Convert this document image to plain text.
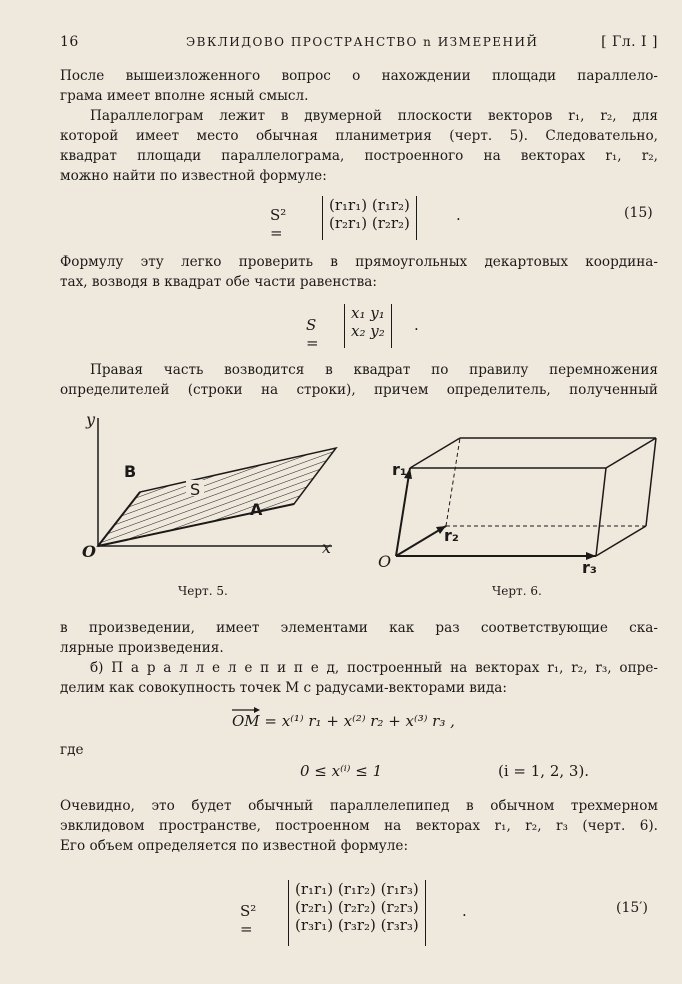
16	ЭВКЛИДОВО ПРОСТРАНСТВО n ИЗМЕРЕНИЙ	[ Гл. I ]
После вышеизложенного вопрос о нахождении площади параллело-
грама имеет вполне ясный смысл.
Параллелограм лежит в двумерной плоскости векторов r₁, r₂, для
которой имеет место обычная планиметрия (черт. 5). Следовательно,
квадрат площади параллелограма, построенного на векторах r₁, r₂,
можно найти по известной формуле:
S² =
(r₁r₁) (r₁r₂)
(r₂r₁) (r₂r₂)	.	(15)
Формулу эту легко проверить в прямоугольных декартовых координа-
тах, возводя в квадрат обе части равенства:
S =
x₁ y₁
x₂ y₂ .
Правая часть возводится в квадрат по правилу перемножения
определителей (строки на строки), причем определитель, полученный
y
x
O
B
A
S
Черт. 5.
O
r₁
r₂
r₃
Черт. 6.
в произведении, имеет элементами как раз соответствующие ска-
лярные произведения.
б) П а р а л л е л е п и п е д, построенный на векторах r₁, r₂, r₃, опре-
делим как совокупность точек M с радусами-векторами вида:
OM = x⁽¹⁾ r₁ + x⁽²⁾ r₂ + x⁽³⁾ r₃ ,
где
0 ≤ x⁽ⁱ⁾ ≤ 1	(i = 1, 2, 3).
Очевидно, это будет обычный параллелепипед в обычном трехмерном
эвклидовом пространстве, построенном на векторах r₁, r₂, r₃ (черт. 6).
Его объем определяется по известной формуле:
S² =
(r₁r₁) (r₁r₂) (r₁r₃)
(r₂r₁) (r₂r₂) (r₂r₃)
(r₃r₁) (r₃r₂) (r₃r₃)
.	(15′)
